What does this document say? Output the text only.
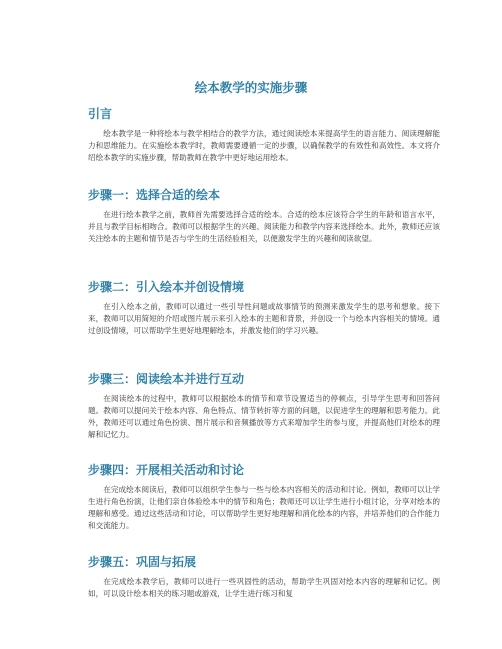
绘本教学的实施步骤
引言

绘本教学是一种将绘本与教学相结合的教学方法，通过阅读绘本来提高学生的语言能力、阅读理解能力和思维能力。在实施绘本教学时，教师需要遵循一定的步骤，以确保教学的有效性和高效性。本文将介绍绘本教学的实施步骤，帮助教师在教学中更好地运用绘本。

步骤一：选择合适的绘本

在进行绘本教学之前，教师首先需要选择合适的绘本。合适的绘本应该符合学生的年龄和语言水平，并且与教学目标相吻合。教师可以根据学生的兴趣、阅读能力和教学内容来选择绘本。此外，教师还应该关注绘本的主题和情节是否与学生的生活经验相关，以便激发学生的兴趣和阅读欲望。

步骤二：引入绘本并创设情境

在引入绘本之前，教师可以通过一些引导性问题或故事情节的预测来激发学生的思考和想象。接下来，教师可以用简短的介绍或图片展示来引入绘本的主题和背景，并创设一个与绘本内容相关的情境。通过创设情境，可以帮助学生更好地理解绘本，并激发他们的学习兴趣。

步骤三：阅读绘本并进行互动

在阅读绘本的过程中，教师可以根据绘本的情节和章节设置适当的停顿点，引导学生思考和回答问题。教师可以提问关于绘本内容、角色特点、情节转折等方面的问题，以促进学生的理解和思考能力。此外，教师还可以通过角色扮演、图片展示和音频播放等方式来增加学生的参与度，并提高他们对绘本的理解和记忆力。

步骤四：开展相关活动和讨论

在完成绘本阅读后，教师可以组织学生参与一些与绘本内容相关的活动和讨论。例如，教师可以让学生进行角色扮演，让他们亲自体验绘本中的情节和角色；教师还可以让学生进行小组讨论，分享对绘本的理解和感受。通过这些活动和讨论，可以帮助学生更好地理解和消化绘本的内容，并培养他们的合作能力和交流能力。

步骤五：巩固与拓展

在完成绘本教学后，教师可以进行一些巩固性的活动，帮助学生巩固对绘本内容的理解和记忆。例如，可以设计绘本相关的练习题或游戏，让学生进行练习和复
